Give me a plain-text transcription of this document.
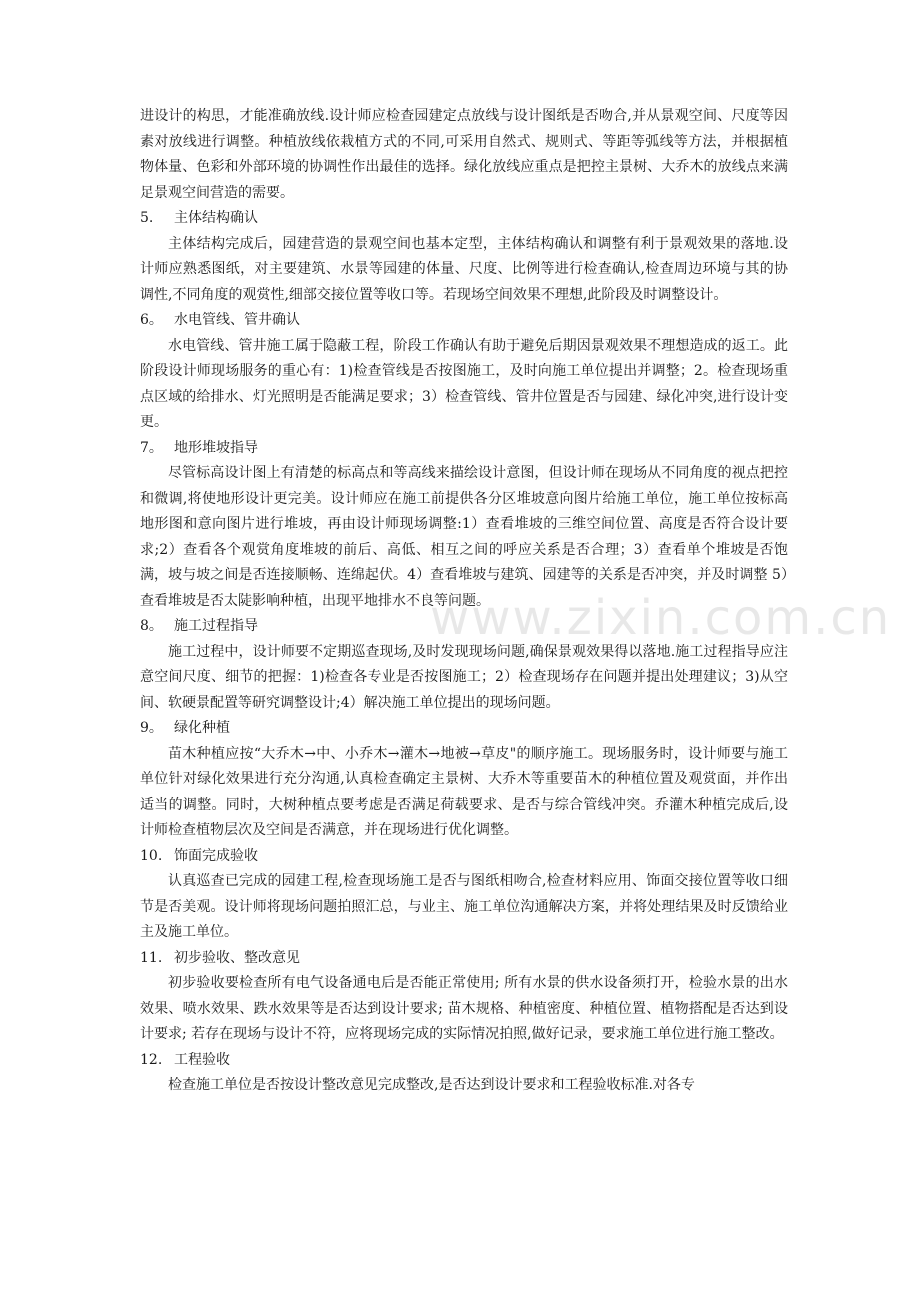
进设计的构思，才能准确放线.设计师应检查园建定点放线与设计图纸是否吻合,并从景观空间、尺度等因素对放线进行调整。种植放线依栽植方式的不同,可采用自然式、规则式、等距等弧线等方法，并根据植物体量、色彩和外部环境的协调性作出最佳的选择。绿化放线应重点是把控主景树、大乔木的放线点来满足景观空间营造的需要。

5.	主体结构确认

主体结构完成后，园建营造的景观空间也基本定型，主体结构确认和调整有利于景观效果的落地.设计师应熟悉图纸，对主要建筑、水景等园建的体量、尺度、比例等进行检查确认,检查周边环境与其的协调性,不同角度的观赏性,细部交接位置等收口等。若现场空间效果不理想,此阶段及时调整设计。

6。 水电管线、管井确认

水电管线、管井施工属于隐蔽工程，阶段工作确认有助于避免后期因景观效果不理想造成的返工。此阶段设计师现场服务的重心有：1)检查管线是否按图施工，及时向施工单位提出并调整；2。检查现场重点区域的给排水、灯光照明是否能满足要求；3）检查管线、管井位置是否与园建、绿化冲突,进行设计变更。

7。 地形堆坡指导

尽管标高设计图上有清楚的标高点和等高线来描绘设计意图，但设计师在现场从不同角度的视点把控和微调,将使地形设计更完美。设计师应在施工前提供各分区堆坡意向图片给施工单位，施工单位按标高地形图和意向图片进行堆坡，再由设计师现场调整:1）查看堆坡的三维空间位置、高度是否符合设计要求;2）查看各个观赏角度堆坡的前后、高低、相互之间的呼应关系是否合理；3）查看单个堆坡是否饱满，坡与坡之间是否连接顺畅、连绵起伏。4）查看堆坡与建筑、园建等的关系是否冲突，并及时调整 5）查看堆坡是否太陡影响种植，出现平地排水不良等问题。

8。 施工过程指导

施工过程中，设计师要不定期巡查现场,及时发现现场问题,确保景观效果得以落地.施工过程指导应注意空间尺度、细节的把握：1)检查各专业是否按图施工；2）检查现场存在问题并提出处理建议；3)从空间、软硬景配置等研究调整设计;4）解决施工单位提出的现场问题。

9。 绿化种植

苗木种植应按“大乔木→中、小乔木→灌木→地被→草皮"的顺序施工。现场服务时，设计师要与施工单位针对绿化效果进行充分沟通,认真检查确定主景树、大乔木等重要苗木的种植位置及观赏面，并作出适当的调整。同时，大树种植点要考虑是否满足荷载要求、是否与综合管线冲突。乔灌木种植完成后,设计师检查植物层次及空间是否满意，并在现场进行优化调整。

10. 饰面完成验收

认真巡查已完成的园建工程,检查现场施工是否与图纸相吻合,检查材料应用、饰面交接位置等收口细节是否美观。设计师将现场问题拍照汇总，与业主、施工单位沟通解决方案，并将处理结果及时反馈给业主及施工单位。

11. 初步验收、整改意见

初步验收要检查所有电气设备通电后是否能正常使用; 所有水景的供水设备须打开，检验水景的出水效果、喷水效果、跌水效果等是否达到设计要求; 苗木规格、种植密度、种植位置、植物搭配是否达到设计要求; 若存在现场与设计不符，应将现场完成的实际情况拍照,做好记录，要求施工单位进行施工整改。

12. 工程验收

检查施工单位是否按设计整改意见完成整改,是否达到设计要求和工程验收标准.对各专

www.zixin.com.cn
